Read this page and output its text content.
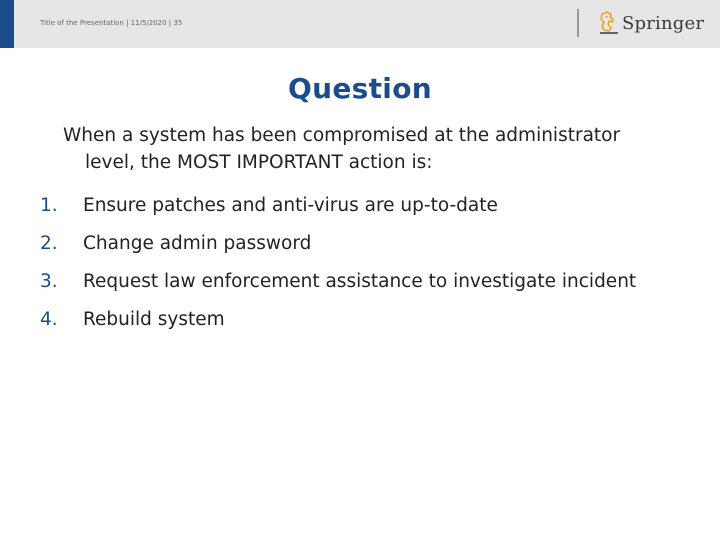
Title of the Presentation | 11/5/2020 | 35	Springer
Question
When a system has been compromised at the administrator
level, the MOST IMPORTANT action is:
1.	Ensure patches and anti-virus are up-to-date
2.	Change admin password
3.	Request law enforcement assistance to investigate incident
4.	Rebuild system
